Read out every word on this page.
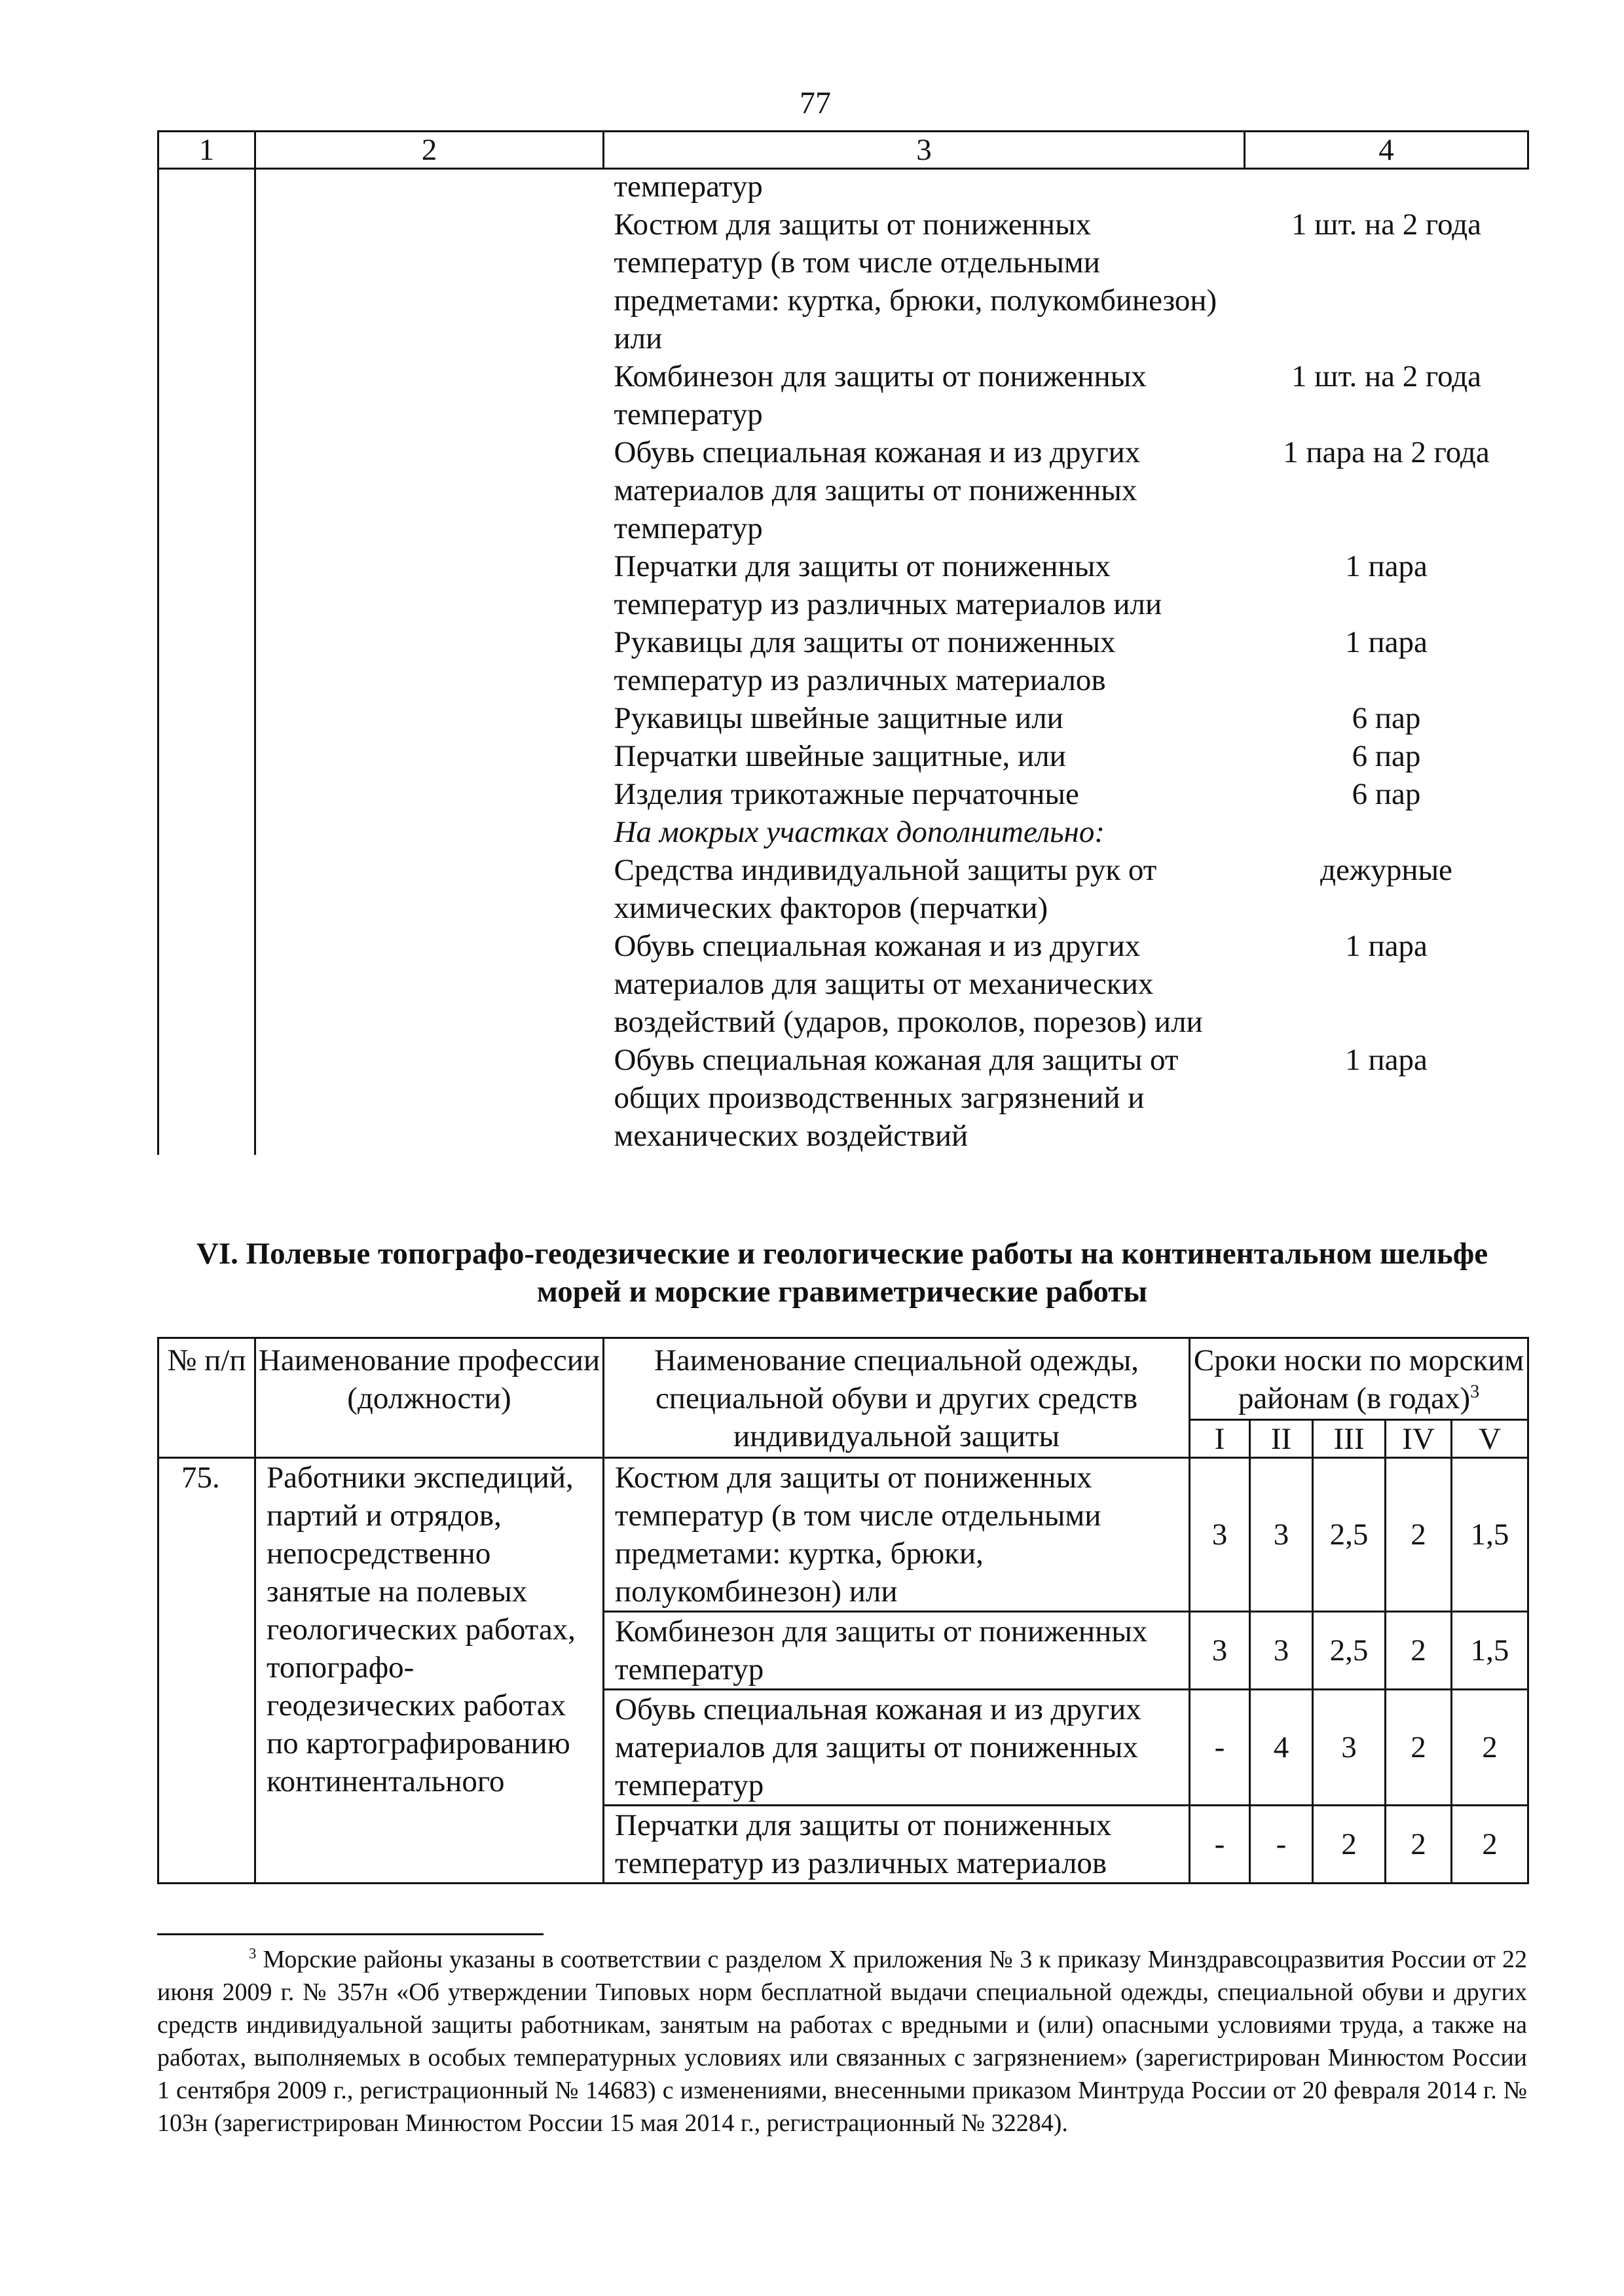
77
1	2	3	4
		температур	
		Костюм для защиты от пониженных температур (в том числе отдельными предметами: куртка, брюки, полукомбинезон) или	1 шт. на 2 года
		Комбинезон для защиты от пониженных температур	1 шт. на 2 года
		Обувь специальная кожаная и из других материалов для защиты от пониженных температур	1 пара на 2 года
		Перчатки для защиты от пониженных температур из различных материалов или	1 пара
		Рукавицы для защиты от пониженных температур из различных материалов	1 пара
		Рукавицы швейные защитные или	6 пар
		Перчатки швейные защитные, или	6 пар
		Изделия трикотажные перчаточные	6 пар
		На мокрых участках дополнительно:	
		Средства индивидуальной защиты рук от химических факторов (перчатки)	дежурные
		Обувь специальная кожаная и из других материалов для защиты от механических воздействий (ударов, проколов, порезов) или	1 пара
		Обувь специальная кожаная для защиты от общих производственных загрязнений и механических воздействий	1 пара
VI. Полевые топографо-геодезические и геологические работы на континентальном шельфе морей и морские гравиметрические работы
№ п/п	Наименование профессии (должности)	Наименование специальной одежды, специальной обуви и других средств индивидуальной защиты	Сроки носки по морским районам (в годах)$^3$
			I	II	III	IV	V
75.	Работники экспедиций, партий и отрядов, непосредственно занятые на полевых геологических работах, топографо-геодезических работах по картографированию континентального	Костюм для защиты от пониженных температур (в том числе отдельными предметами: куртка, брюки, полукомбинезон) или	3	3	2,5	2	1,5
		Комбинезон для защиты от пониженных температур	3	3	2,5	2	1,5
		Обувь специальная кожаная и из других материалов для защиты от пониженных температур	-	4	3	2	2
		Перчатки для защиты от пониженных температур из различных материалов	-	-	2	2	2
$^3$ Морские районы указаны в соответствии с разделом X приложения № 3 к приказу Минздравсоцразвития России от 22 июня 2009 г. № 357н «Об утверждении Типовых норм бесплатной выдачи специальной одежды, специальной обуви и других средств индивидуальной защиты работникам, занятым на работах с вредными и (или) опасными условиями труда, а также на работах, выполняемых в особых температурных условиях или связанных с загрязнением» (зарегистрирован Минюстом России 1 сентября 2009 г., регистрационный № 14683) с изменениями, внесенными приказом Минтруда России от 20 февраля 2014 г. № 103н (зарегистрирован Минюстом России 15 мая 2014 г., регистрационный № 32284).
